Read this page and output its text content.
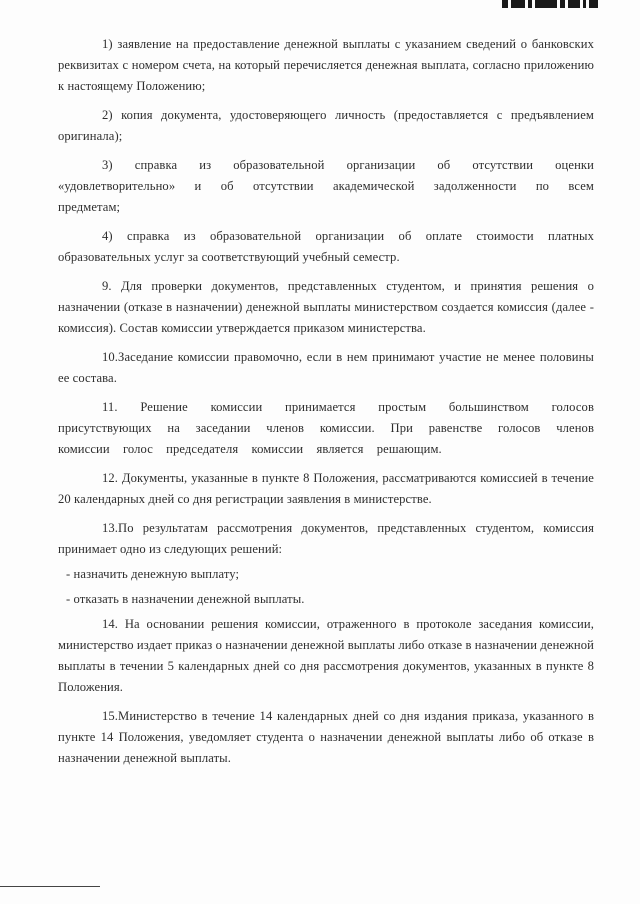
1) заявление на предоставление денежной выплаты с указанием сведений о банковских реквизитах с номером счета, на который перечисляется денежная выплата, согласно приложению к настоящему Положению;

2) копия документа, удостоверяющего личность (предоставляется с предъявлением оригинала);

3) справка из образовательной организации об отсутствии оценки «удовлетворительно» и об отсутствии академической задолженности по всем предметам;

4) справка из образовательной организации об оплате стоимости платных образовательных услуг за соответствующий учебный семестр.

9. Для проверки документов, представленных студентом, и принятия решения о назначении (отказе в назначении) денежной выплаты министерством создается комиссия (далее - комиссия). Состав комиссии утверждается приказом министерства.

10.Заседание комиссии правомочно, если в нем принимают участие не менее половины ее состава.

11. Решение комиссии принимается простым большинством голосов присутствующих на заседании членов комиссии. При равенстве голосов членов комиссии голос председателя комиссии является решающим.

12. Документы, указанные в пункте 8 Положения, рассматриваются комиссией в течение 20 календарных дней со дня регистрации заявления в министерстве.

13.По результатам рассмотрения документов, представленных студентом, комиссия принимает одно из следующих решений:

- назначить денежную выплату;

- отказать в назначении денежной выплаты.

14. На основании решения комиссии, отраженного в протоколе заседания комиссии, министерство издает приказ о назначении денежной выплаты либо отказе в назначении денежной выплаты в течении 5 календарных дней со дня рассмотрения документов, указанных в пункте 8 Положения.

15.Министерство в течение 14 календарных дней со дня издания приказа, указанного в пункте 14 Положения, уведомляет студента о назначении денежной выплаты либо об отказе в назначении денежной выплаты.
